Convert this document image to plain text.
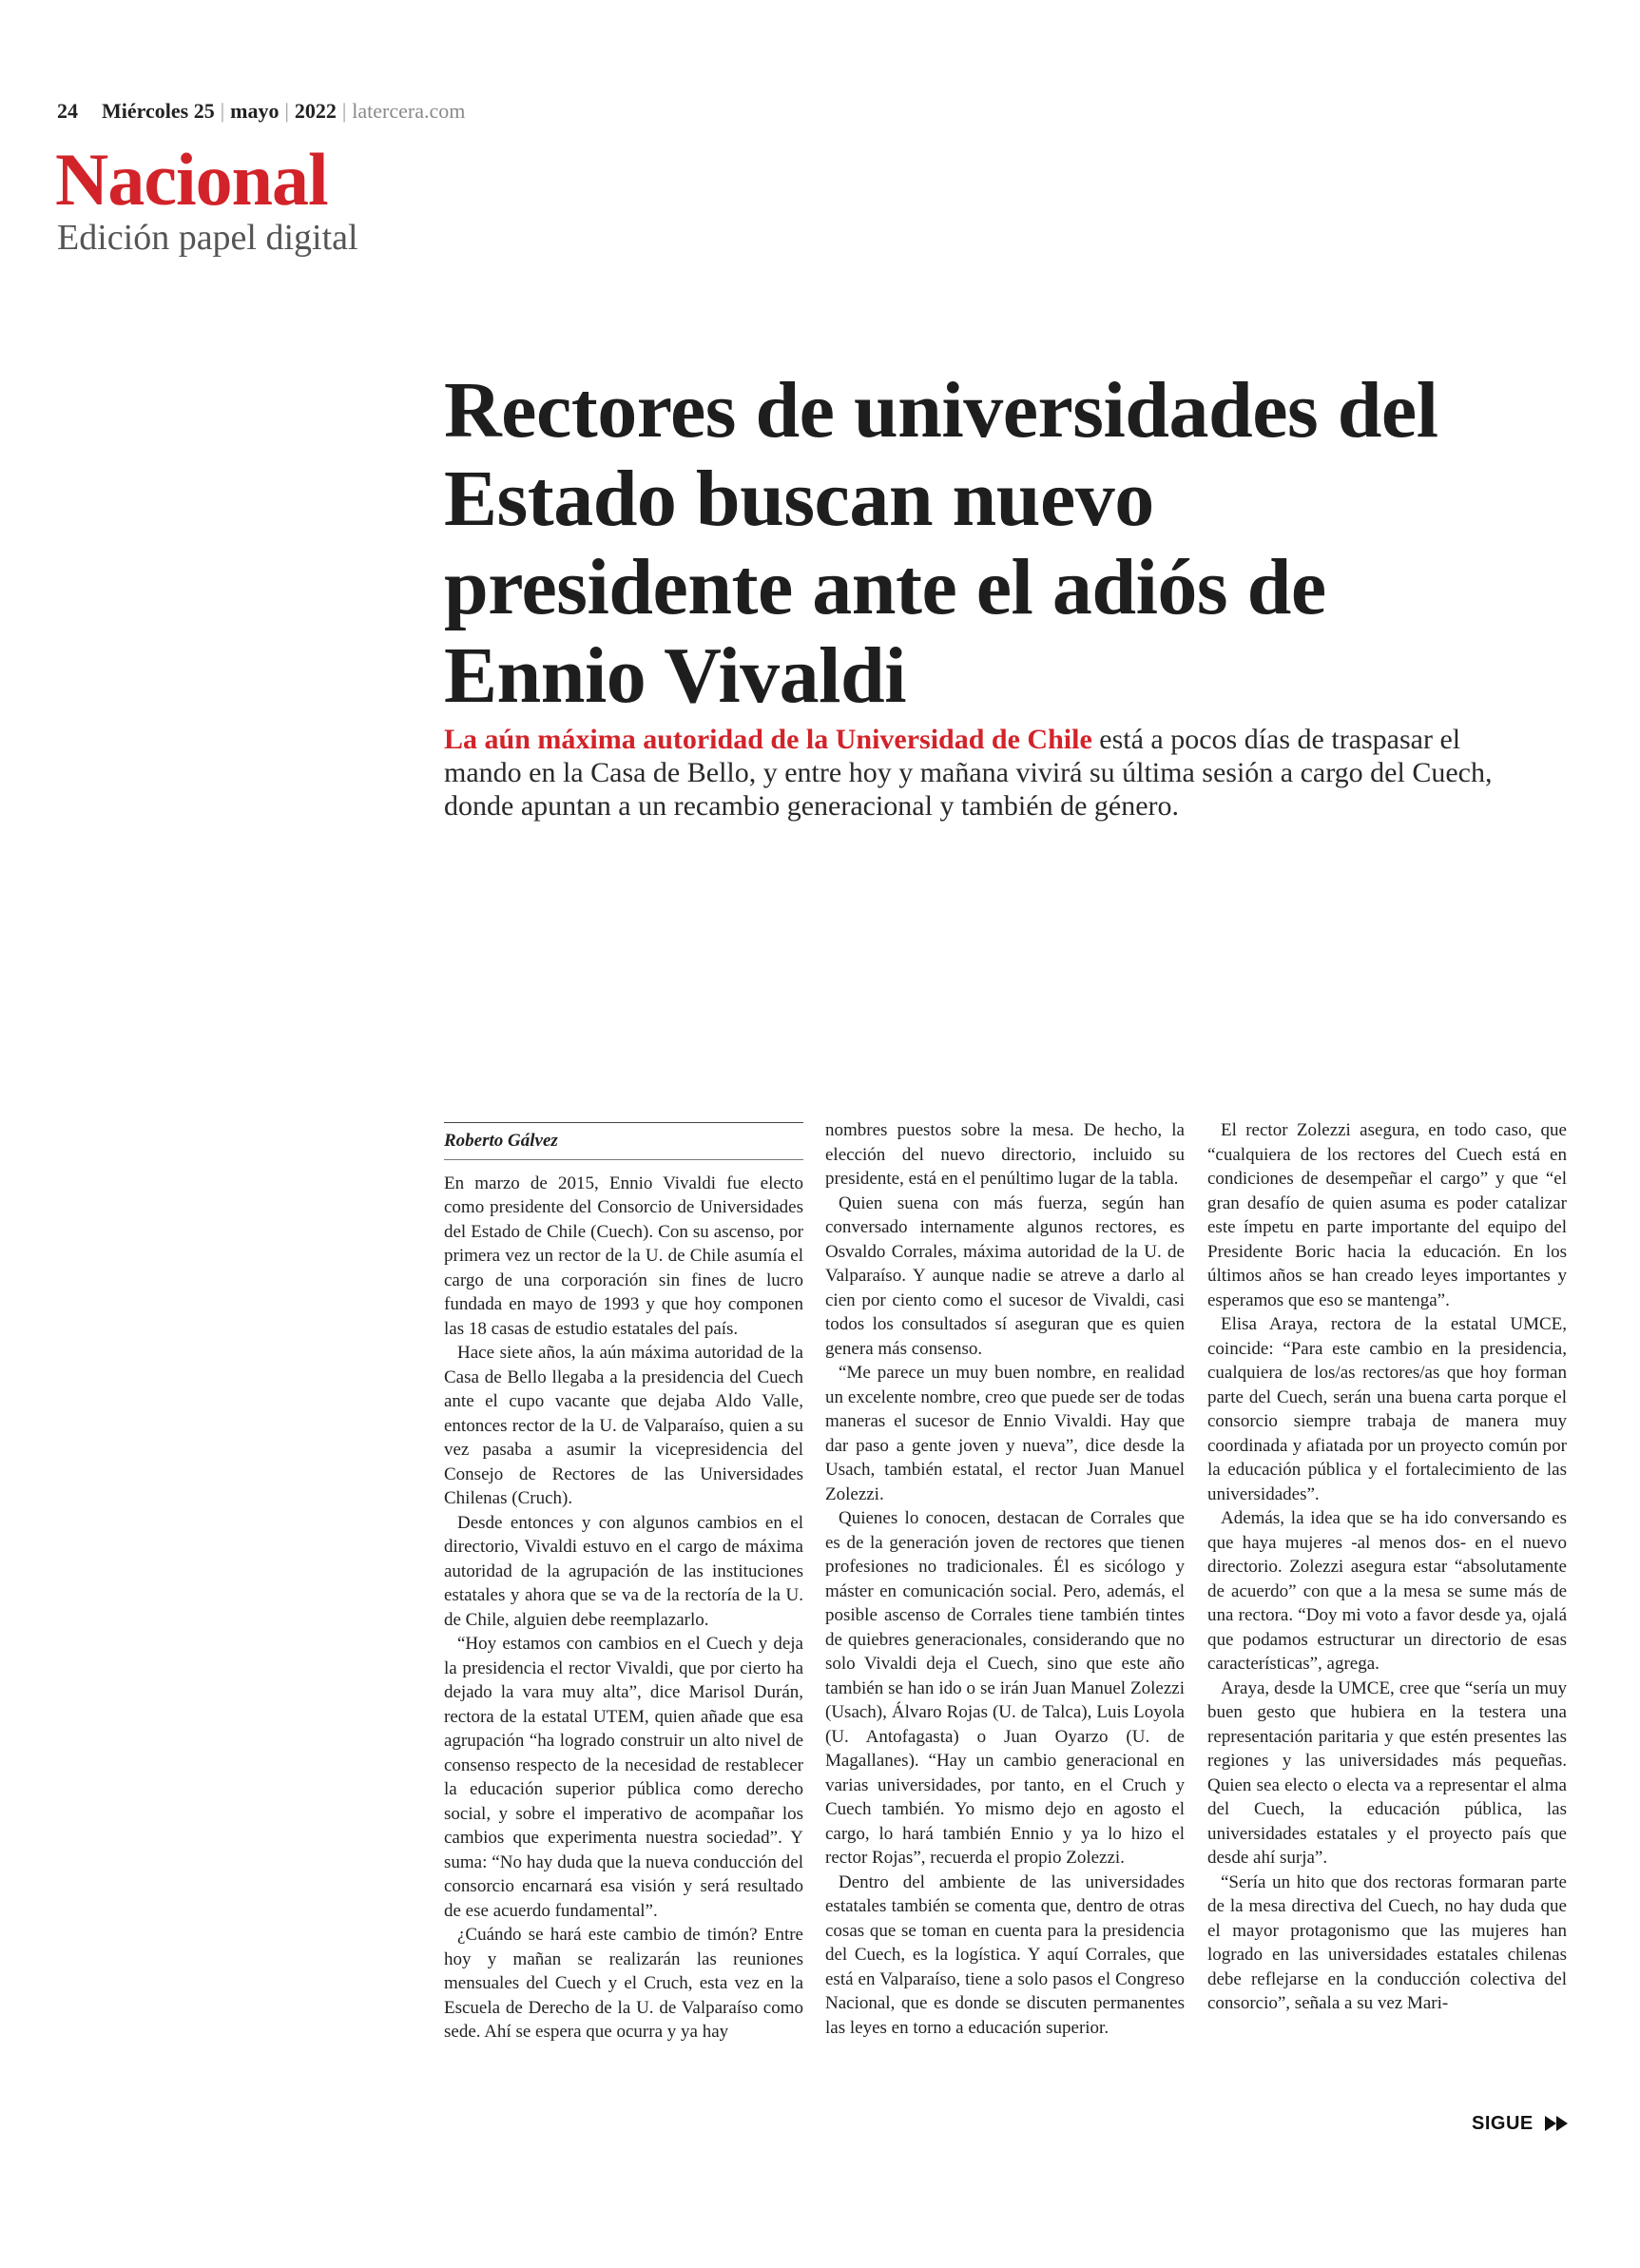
24 Miércoles 25 | mayo | 2022 | latercera.com
Nacional
Edición papel digital
Rectores de universidades del Estado buscan nuevo presidente ante el adiós de Ennio Vivaldi

La aún máxima autoridad de la Universidad de Chile está a pocos días de traspasar el mando en la Casa de Bello, y entre hoy y mañana vivirá su última sesión a cargo del Cuech, donde apuntan a un recambio generacional y también de género.

Roberto Gálvez

En marzo de 2015, Ennio Vivaldi fue electo como presidente del Consorcio de Universidades del Estado de Chile (Cuech). Con su ascenso, por primera vez un rector de la U. de Chile asumía el cargo de una corporación sin fines de lucro fundada en mayo de 1993 y que hoy componen las 18 casas de estudio estatales del país.

Hace siete años, la aún máxima autoridad de la Casa de Bello llegaba a la presidencia del Cuech ante el cupo vacante que dejaba Aldo Valle, entonces rector de la U. de Valparaíso, quien a su vez pasaba a asumir la vicepresidencia del Consejo de Rectores de las Universidades Chilenas (Cruch).

Desde entonces y con algunos cambios en el directorio, Vivaldi estuvo en el cargo de máxima autoridad de la agrupación de las instituciones estatales y ahora que se va de la rectoría de la U. de Chile, alguien debe reemplazarlo.

“Hoy estamos con cambios en el Cuech y deja la presidencia el rector Vivaldi, que por cierto ha dejado la vara muy alta”, dice Marisol Durán, rectora de la estatal UTEM, quien añade que esa agrupación “ha logrado construir un alto nivel de consenso respecto de la necesidad de restablecer la educación superior pública como derecho social, y sobre el imperativo de acompañar los cambios que experimenta nuestra sociedad”. Y suma: “No hay duda que la nueva conducción del consorcio encarnará esa visión y será resultado de ese acuerdo fundamental”.

¿Cuándo se hará este cambio de timón? Entre hoy y mañan se realizarán las reuniones mensuales del Cuech y el Cruch, esta vez en la Escuela de Derecho de la U. de Valparaíso como sede. Ahí se espera que ocurra y ya hay

nombres puestos sobre la mesa. De hecho, la elección del nuevo directorio, incluido su presidente, está en el penúltimo lugar de la tabla.

Quien suena con más fuerza, según han conversado internamente algunos rectores, es Osvaldo Corrales, máxima autoridad de la U. de Valparaíso. Y aunque nadie se atreve a darlo al cien por ciento como el sucesor de Vivaldi, casi todos los consultados sí aseguran que es quien genera más consenso.

“Me parece un muy buen nombre, en realidad un excelente nombre, creo que puede ser de todas maneras el sucesor de Ennio Vivaldi. Hay que dar paso a gente joven y nueva”, dice desde la Usach, también estatal, el rector Juan Manuel Zolezzi.

Quienes lo conocen, destacan de Corrales que es de la generación joven de rectores que tienen profesiones no tradicionales. Él es sicólogo y máster en comunicación social. Pero, además, el posible ascenso de Corrales tiene también tintes de quiebres generacionales, considerando que no solo Vivaldi deja el Cuech, sino que este año también se han ido o se irán Juan Manuel Zolezzi (Usach), Álvaro Rojas (U. de Talca), Luis Loyola (U. Antofagasta) o Juan Oyarzo (U. de Magallanes). “Hay un cambio generacional en varias universidades, por tanto, en el Cruch y Cuech también. Yo mismo dejo en agosto el cargo, lo hará también Ennio y ya lo hizo el rector Rojas”, recuerda el propio Zolezzi.

Dentro del ambiente de las universidades estatales también se comenta que, dentro de otras cosas que se toman en cuenta para la presidencia del Cuech, es la logística. Y aquí Corrales, que está en Valparaíso, tiene a solo pasos el Congreso Nacional, que es donde se discuten permanentes las leyes en torno a educación superior.

El rector Zolezzi asegura, en todo caso, que “cualquiera de los rectores del Cuech está en condiciones de desempeñar el cargo” y que “el gran desafío de quien asuma es poder catalizar este ímpetu en parte importante del equipo del Presidente Boric hacia la educación. En los últimos años se han creado leyes importantes y esperamos que eso se mantenga”.

Elisa Araya, rectora de la estatal UMCE, coincide: “Para este cambio en la presidencia, cualquiera de los/as rectores/as que hoy forman parte del Cuech, serán una buena carta porque el consorcio siempre trabaja de manera muy coordinada y afiatada por un proyecto común por la educación pública y el fortalecimiento de las universidades”.

Además, la idea que se ha ido conversando es que haya mujeres -al menos dos- en el nuevo directorio. Zolezzi asegura estar “absolutamente de acuerdo” con que a la mesa se sume más de una rectora. “Doy mi voto a favor desde ya, ojalá que podamos estructurar un directorio de esas características”, agrega.

Araya, desde la UMCE, cree que “sería un muy buen gesto que hubiera en la testera una representación paritaria y que estén presentes las regiones y las universidades más pequeñas. Quien sea electo o electa va a representar el alma del Cuech, la educación pública, las universidades estatales y el proyecto país que desde ahí surja”.

“Sería un hito que dos rectoras formaran parte de la mesa directiva del Cuech, no hay duda que el mayor protagonismo que las mujeres han logrado en las universidades estatales chilenas debe reflejarse en la conducción colectiva del consorcio”, señala a su vez Mari-

SIGUE
